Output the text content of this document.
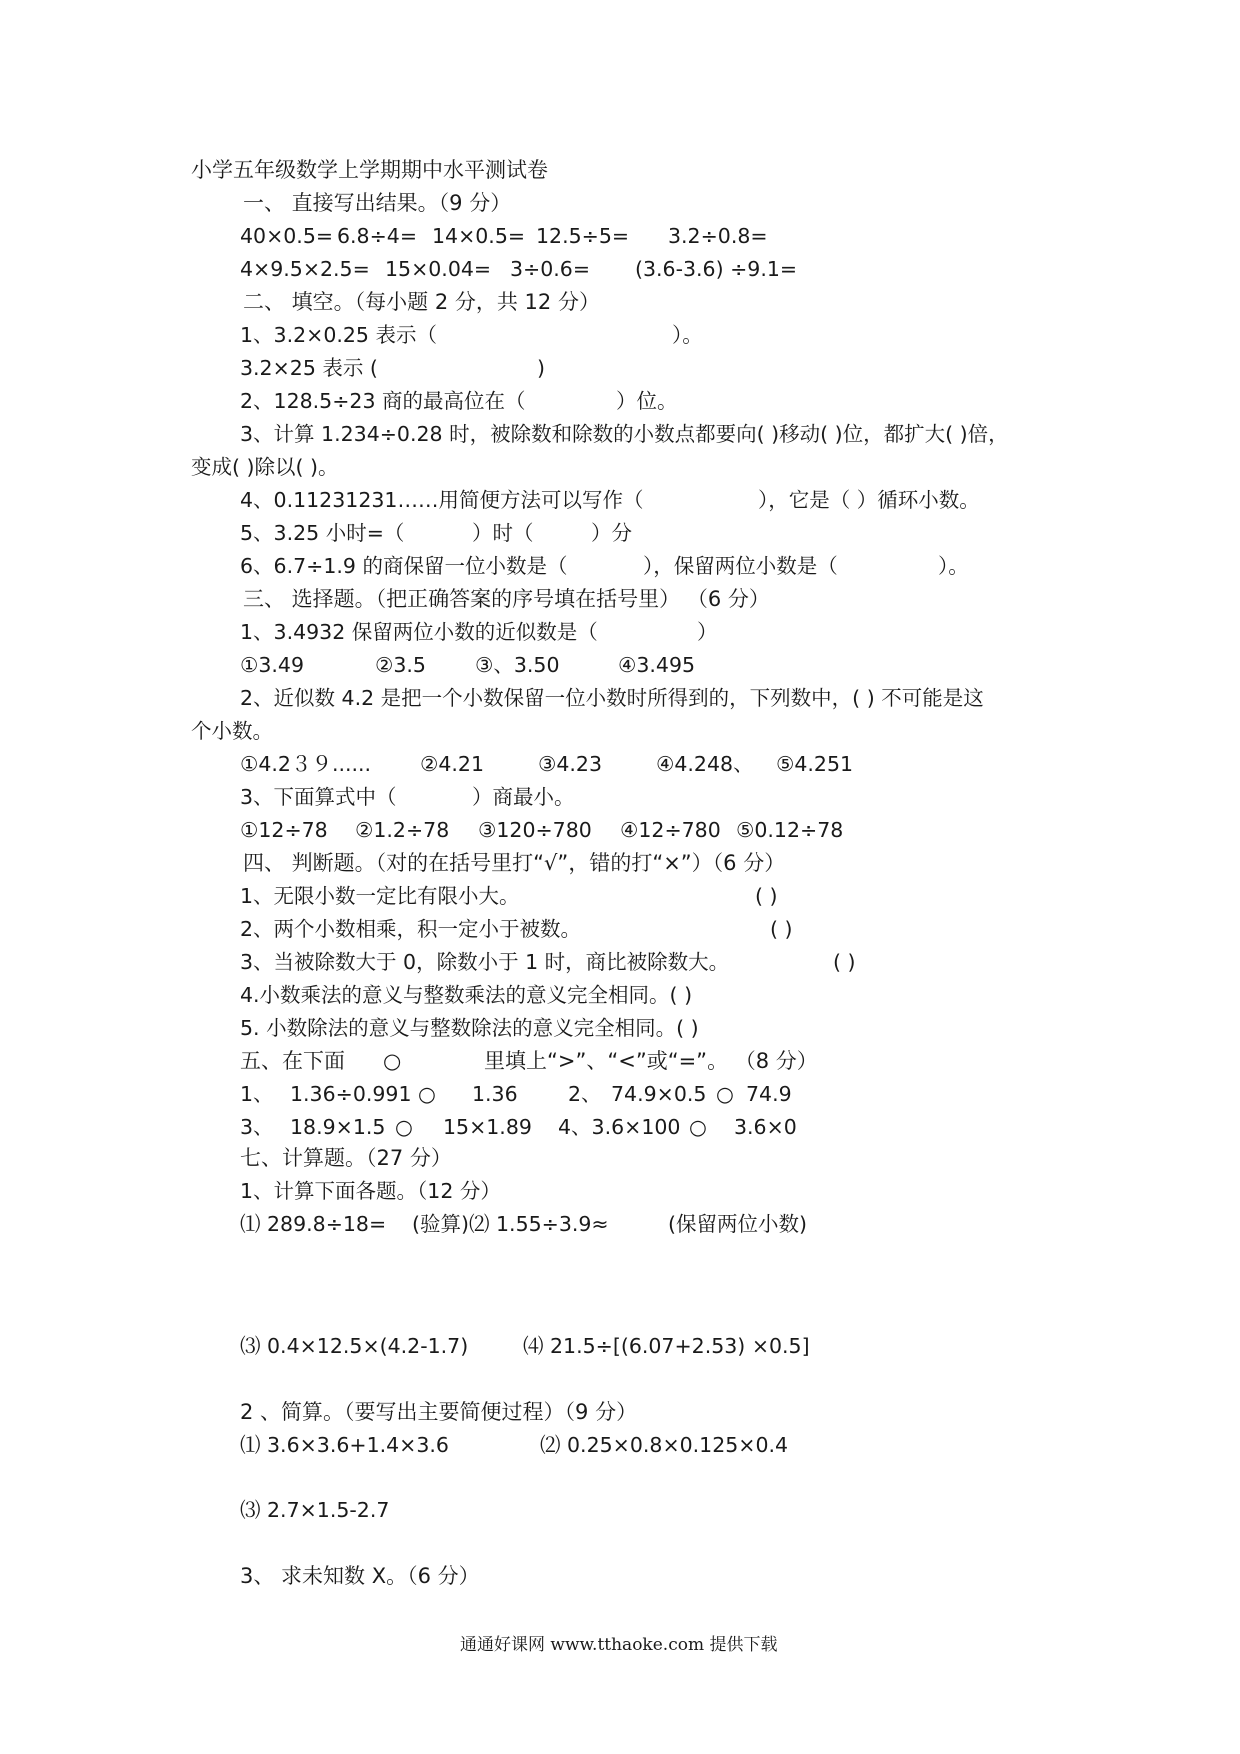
小学五年级数学上学期期中水平测试卷
一、 直接写出结果。（9 分）
40×0.5= 6.8÷4= 14×0.5= 12.5÷5= 3.2÷0.8=
4×9.5×2.5= 15×0.04= 3÷0.6= (3.6-3.6) ÷9.1=
二、 填空。（每小题 2 分，共 12 分）
1、3.2×0.25 表示（	）。
3.2×25 表示 (	)
2、128.5÷23 商的最高位在（	）位。
3、计算 1.234÷0.28 时，被除数和除数的小数点都要向( )移动( )位，都扩大( )倍，
变成( )除以( )。
4、0.11231231……用简便方法可以写作（	），它是（ ）循环小数。
5、3.25 小时=（	）时（	）分
6、6.7÷1.9 的商保留一位小数是（	），保留两位小数是（	）。
三、 选择题。（把正确答案的序号填在括号里） （6 分）
1、3.4932 保留两位小数的近似数是（	）
①3.49	②3.5 ③、3.50	④3.495
2、近似数 4.2 是把一个小数保留一位小数时所得到的，下列数中，( ) 不可能是这
个小数。
①4.2３９...... ②4.21	③4.23	④4.248、 ⑤4.251
3、下面算式中（	）商最小。
①12÷78 ②1.2÷78 ③120÷780 ④12÷780 ⑤0.12÷78
四、 判断题。（对的在括号里打“√”，错的打“×”）（6 分）
1、无限小数一定比有限小大。	( )
2、两个小数相乘，积一定小于被数。	( )
3、当被除数大于 0，除数小于 1 时，商比被除数大。	( )
4.小数乘法的意义与整数乘法的意义完全相同。( )
5. 小数除法的意义与整数除法的意义完全相同。( )
五、在下面 ○	里填上“>”、“<”或“=”。 （8 分）
1、 1.36÷0.991 ○ 1.36 2、 74.9×0.5 ○ 74.9
3、 18.9×1.5 ○ 15×1.89 4、3.6×100 ○ 3.6×0
七、计算题。（27 分）
1、计算下面各题。（12 分）
⑴ 289.8÷18= (验算)⑵ 1.55÷3.9≈	(保留两位小数)
⑶ 0.4×12.5×(4.2-1.7)	⑷ 21.5÷[(6.07+2.53) ×0.5]
2 、简算。（要写出主要简便过程）（9 分）
⑴ 3.6×3.6+1.4×3.6	⑵ 0.25×0.8×0.125×0.4
⑶ 2.7×1.5-2.7
3、 求未知数 X。（6 分）
通通好课网 www.tthaoke.com 提供下载
